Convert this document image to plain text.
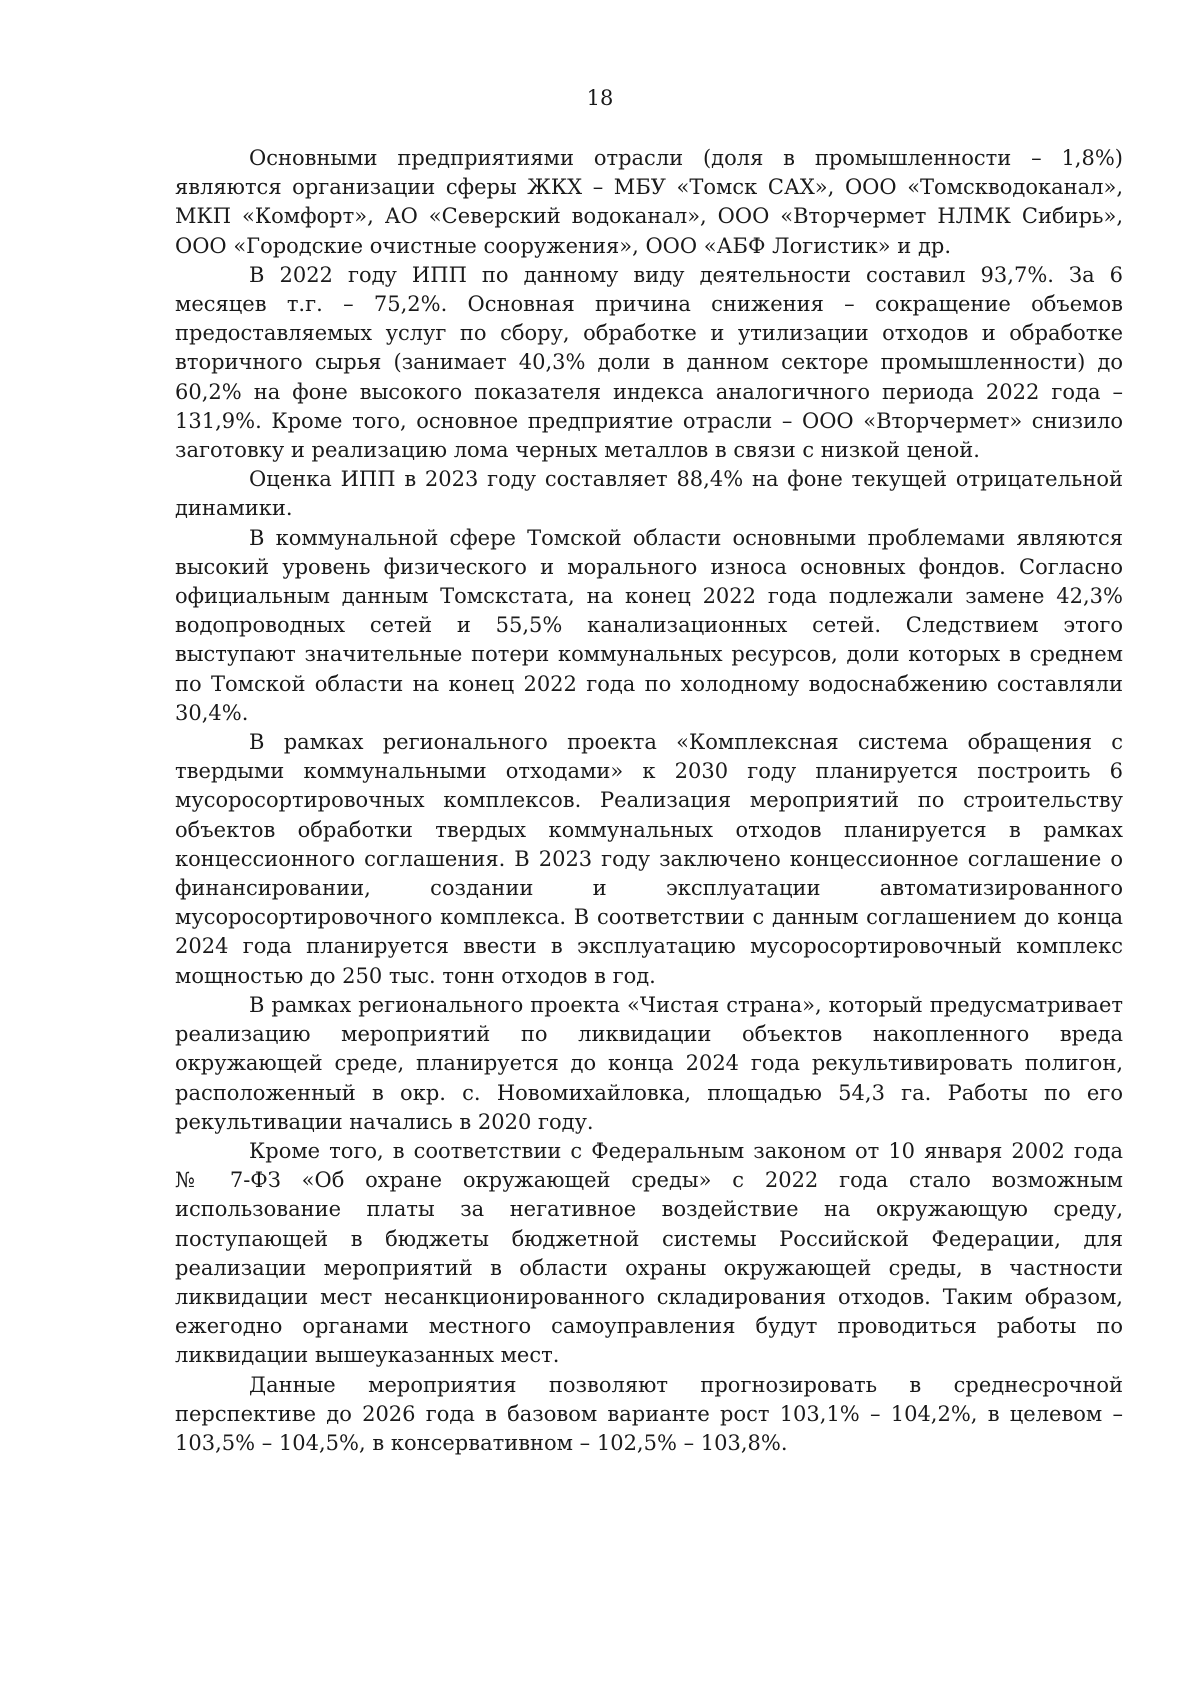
18

Основными предприятиями отрасли (доля в промышленности – 1,8%) являются организации сферы ЖКХ – МБУ «Томск САХ», ООО «Томскводоканал», МКП «Комфорт», АО «Северский водоканал», ООО «Вторчермет НЛМК Сибирь», ООО «Городские очистные сооружения», ООО «АБФ Логистик» и др.

В 2022 году ИПП по данному виду деятельности составил 93,7%. За 6 месяцев т.г. – 75,2%. Основная причина снижения – сокращение объемов предоставляемых услуг по сбору, обработке и утилизации отходов и обработке вторичного сырья (занимает 40,3% доли в данном секторе промышленности) до 60,2% на фоне высокого показателя индекса аналогичного периода 2022 года – 131,9%. Кроме того, основное предприятие отрасли – ООО «Вторчермет» снизило заготовку и реализацию лома черных металлов в связи с низкой ценой.

Оценка ИПП в 2023 году составляет 88,4% на фоне текущей отрицательной динамики.

В коммунальной сфере Томской области основными проблемами являются высокий уровень физического и морального износа основных фондов. Согласно официальным данным Томскстата, на конец 2022 года подлежали замене 42,3% водопроводных сетей и 55,5% канализационных сетей. Следствием этого выступают значительные потери коммунальных ресурсов, доли которых в среднем по Томской области на конец 2022 года по холодному водоснабжению составляли 30,4%.

В рамках регионального проекта «Комплексная система обращения с твердыми коммунальными отходами» к 2030 году планируется построить 6 мусоросортировочных комплексов. Реализация мероприятий по строительству объектов обработки твердых коммунальных отходов планируется в рамках концессионного соглашения. В 2023 году заключено концессионное соглашение о финансировании, создании и эксплуатации автоматизированного мусоросортировочного комплекса. В соответствии с данным соглашением до конца 2024 года планируется ввести в эксплуатацию мусоросортировочный комплекс мощностью до 250 тыс. тонн отходов в год.

В рамках регионального проекта «Чистая страна», который предусматривает реализацию мероприятий по ликвидации объектов накопленного вреда окружающей среде, планируется до конца 2024 года рекультивировать полигон, расположенный в окр. с. Новомихайловка, площадью 54,3 га. Работы по его рекультивации начались в 2020 году.

Кроме того, в соответствии с Федеральным законом от 10 января 2002 года № 7-ФЗ «Об охране окружающей среды» с 2022 года стало возможным использование платы за негативное воздействие на окружающую среду, поступающей в бюджеты бюджетной системы Российской Федерации, для реализации мероприятий в области охраны окружающей среды, в частности ликвидации мест несанкционированного складирования отходов. Таким образом, ежегодно органами местного самоуправления будут проводиться работы по ликвидации вышеуказанных мест.

Данные мероприятия позволяют прогнозировать в среднесрочной перспективе до 2026 года в базовом варианте рост 103,1% – 104,2%, в целевом – 103,5% – 104,5%, в консервативном – 102,5% – 103,8%.
